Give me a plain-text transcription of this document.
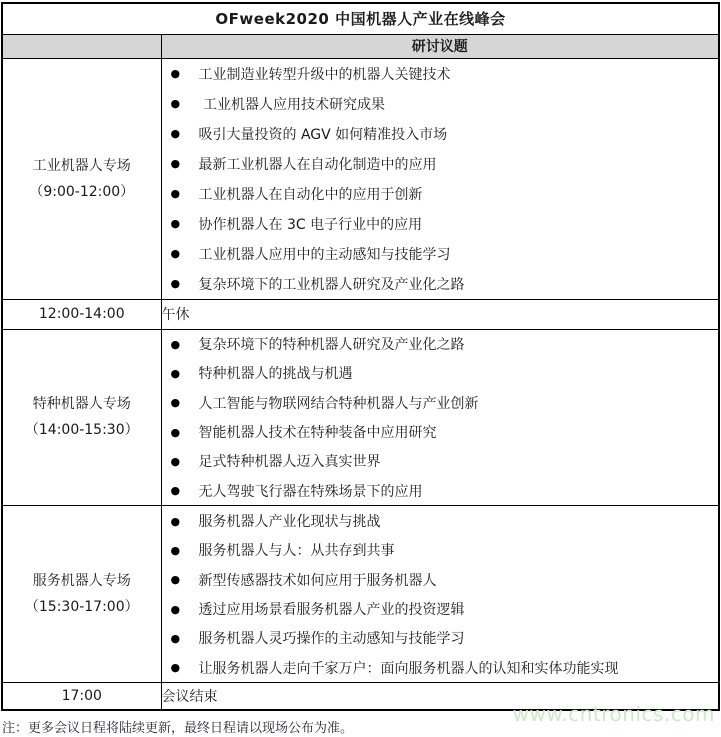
OFweek2020 中国机器人产业在线峰会	
	研讨议题

工业机器人专场
（9:00-12:00）

●	工业制造业转型升级中的机器人关键技术
●	工业机器人应用技术研究成果
●	吸引大量投资的 AGV 如何精准投入市场
●	最新工业机器人在自动化制造中的应用
●	工业机器人在自动化中的应用于创新
●	协作机器人在 3C 电子行业中的应用
●	工业机器人应用中的主动感知与技能学习
●	复杂环境下的工业机器人研究及产业化之路

12:00-14:00	午休

特种机器人专场
（14:00-15:30）

●	复杂环境下的特种机器人研究及产业化之路
●	特种机器人的挑战与机遇
●	人工智能与物联网结合特种机器人与产业创新
●	智能机器人技术在特种装备中应用研究
●	足式特种机器人迈入真实世界
●	无人驾驶飞行器在特殊场景下的应用

服务机器人专场
（15:30-17:00）

●	服务机器人产业化现状与挑战
●	服务机器人与人：从共存到共事
●	新型传感器技术如何应用于服务机器人
●	透过应用场景看服务机器人产业的投资逻辑
●	服务机器人灵巧操作的主动感知与技能学习
●	让服务机器人走向千家万户：面向服务机器人的认知和实体功能实现

17:00	会议结束
注：更多会议日程将陆续更新，最终日程请以现场公布为准。
www.cntronics.com
